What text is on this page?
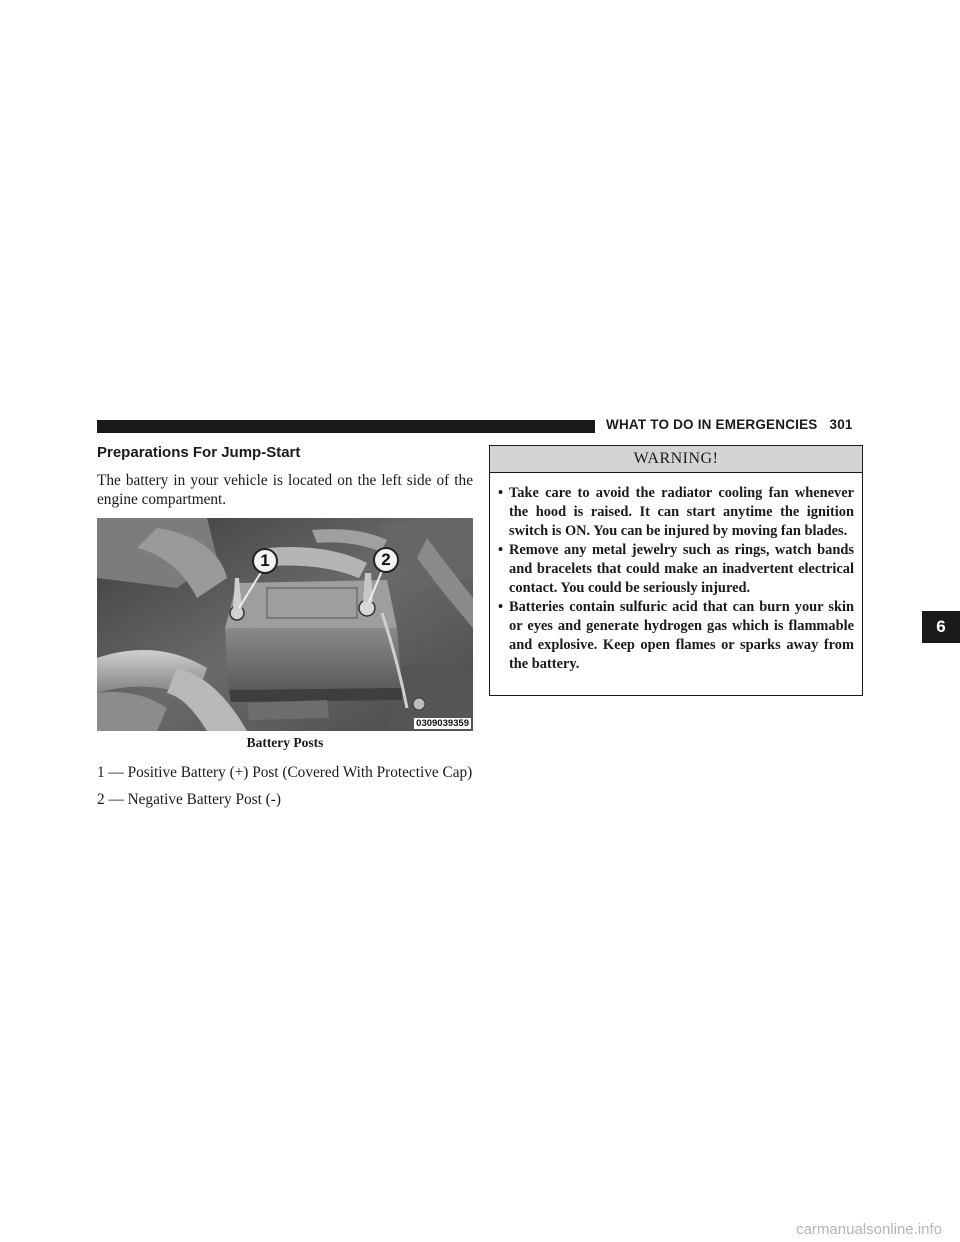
WHAT TO DO IN EMERGENCIES 301
6
Preparations For Jump-Start

The battery in your vehicle is located on the left side of the engine compartment.

1	2
0309039359
Battery Posts

1 — Positive Battery (+) Post (Covered With Protective Cap)

2 — Negative Battery Post (-)

WARNING!
• Take care to avoid the radiator cooling fan whenever the hood is raised. It can start anytime the ignition switch is ON. You can be injured by moving fan blades.
• Remove any metal jewelry such as rings, watch bands and bracelets that could make an inadvertent electrical contact. You could be seriously injured.
• Batteries contain sulfuric acid that can burn your skin or eyes and generate hydrogen gas which is flammable and explosive. Keep open flames or sparks away from the battery.
carmanualsonline.info
